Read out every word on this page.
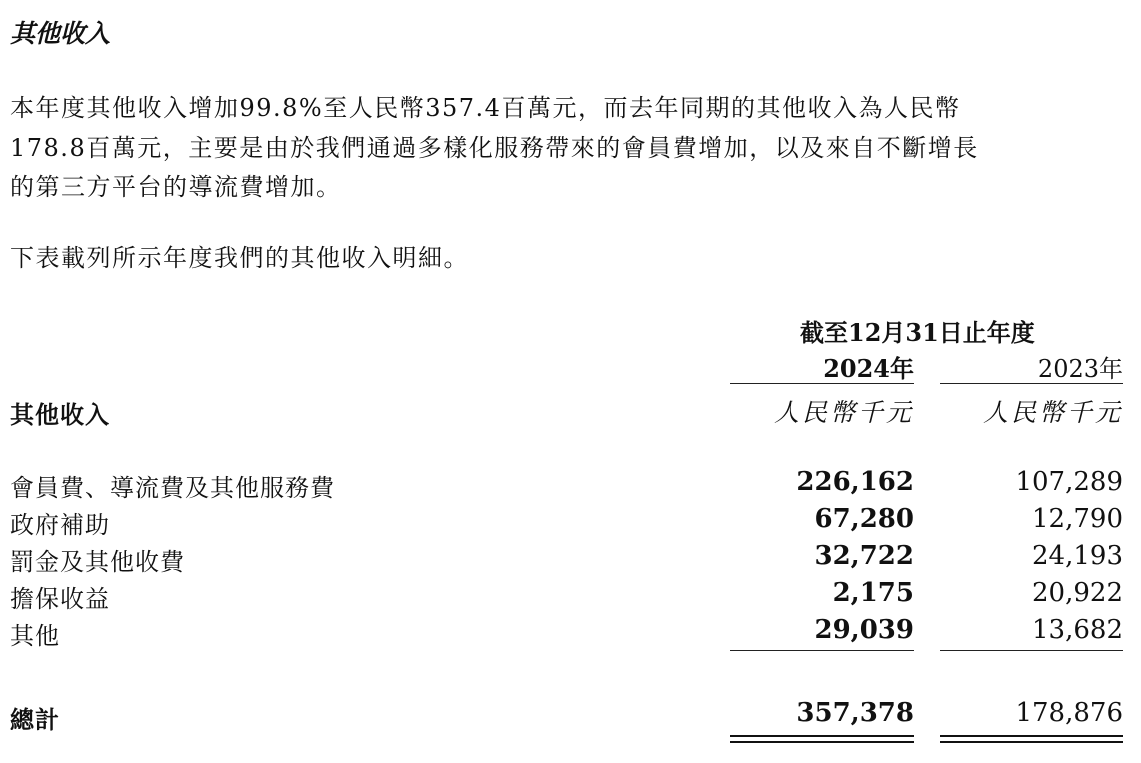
其他收入
本年度其他收入增加99.8%至人民幣357.4百萬元，而去年同期的其他收入為人民幣
178.8百萬元，主要是由於我們通過多樣化服務帶來的會員費增加，以及來自不斷增長
的第三方平台的導流費增加。
下表載列所示年度我們的其他收入明細。
截至12月31日止年度
2024年	2023年
其他收入	人民幣千元	人民幣千元
會員費、導流費及其他服務費	226,162	107,289
政府補助	67,280	12,790
罰金及其他收費	32,722	24,193
擔保收益	2,175	20,922
其他	29,039	13,682
總計	357,378	178,876
